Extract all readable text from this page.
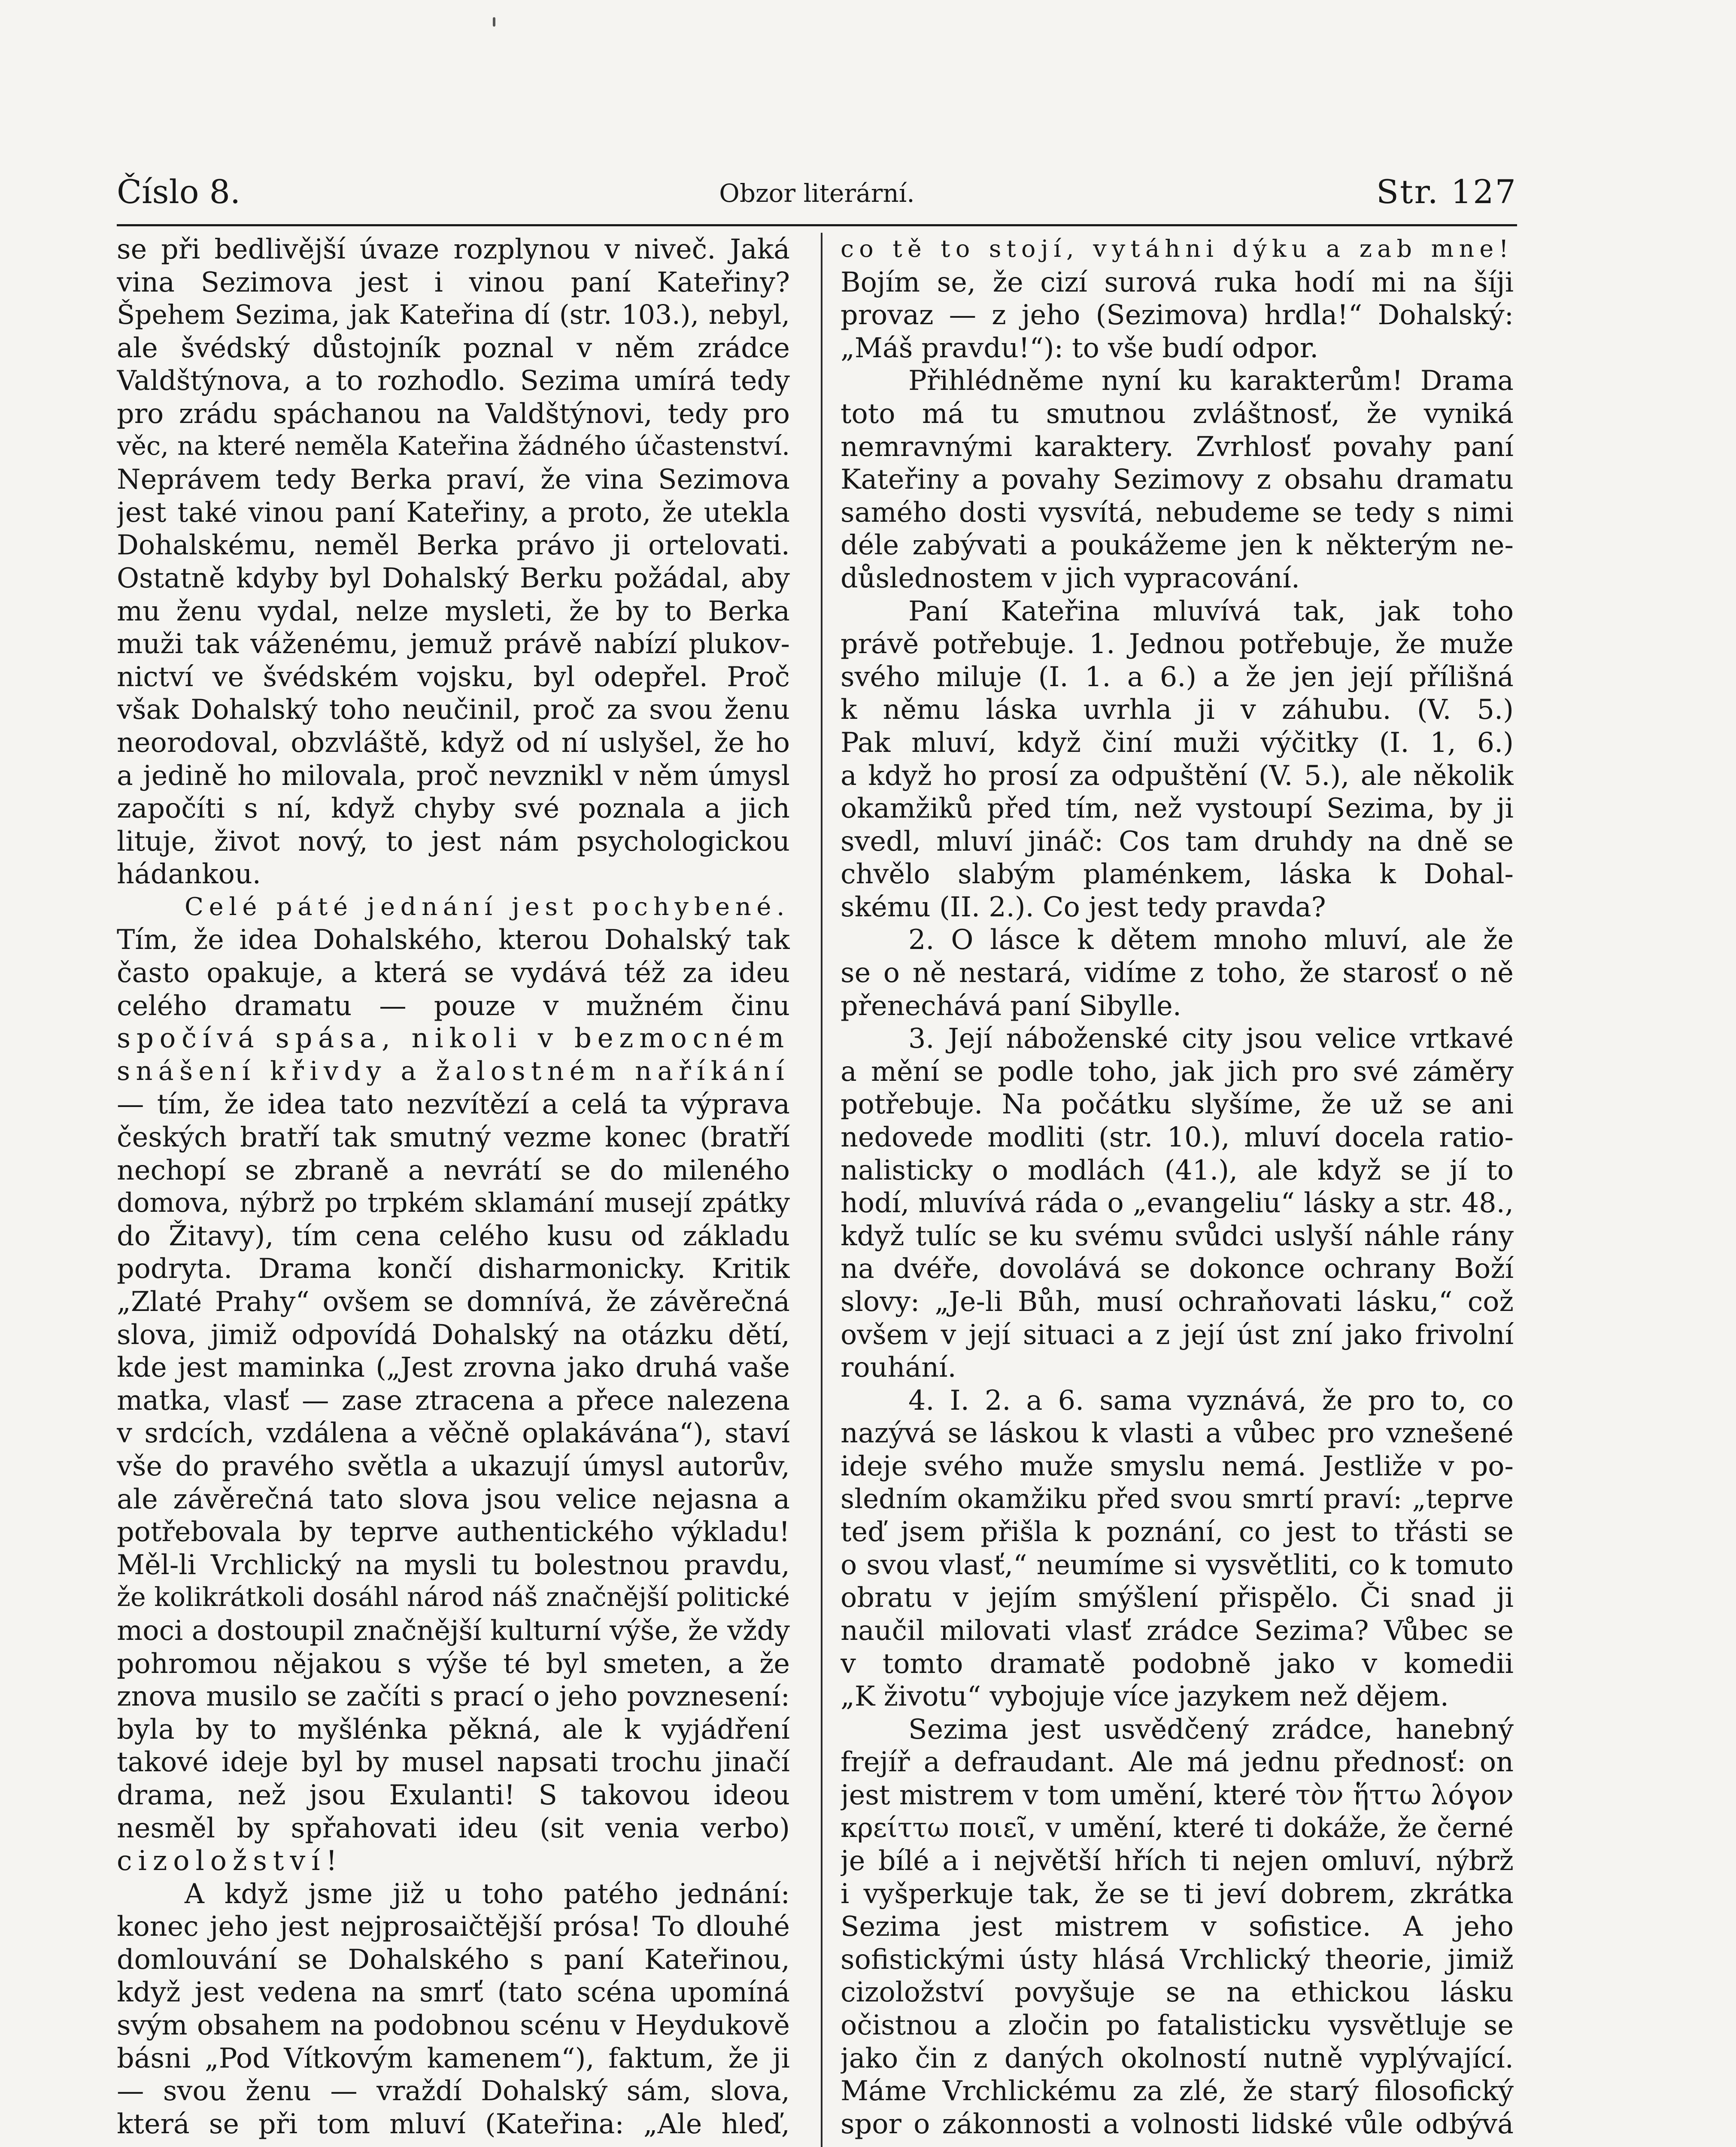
Číslo 8.	Obzor literární.	Str. 127
se při bedlivější úvaze rozplynou v niveč. Jaká
vina Sezimova jest i vinou paní Kateřiny?
Špehem Sezima, jak Kateřina dí (str. 103.), nebyl,
ale švédský důstojník poznal v něm zrádce
Valdštýnova, a to rozhodlo. Sezima umírá tedy
pro zrádu spáchanou na Valdštýnovi, tedy pro
věc, na které neměla Kateřina žádného účastenství.
Neprávem tedy Berka praví, že vina Sezimova
jest také vinou paní Kateřiny, a proto, že utekla
Dohalskému, neměl Berka právo ji ortelovati.
Ostatně kdyby byl Dohalský Berku požádal, aby
mu ženu vydal, nelze mysleti, že by to Berka
muži tak váženému, jemuž právě nabízí plukov-
nictví ve švédském vojsku, byl odepřel. Proč
však Dohalský toho neučinil, proč za svou ženu
neorodoval, obzvláště, když od ní uslyšel, že ho
a jedině ho milovala, proč nevznikl v něm úmysl
započíti s ní, když chyby své poznala a jich
lituje, život nový, to jest nám psychologickou
hádankou.
Celé páté jednání jest pochybené.
Tím, že idea Dohalského, kterou Dohalský tak
často opakuje, a která se vydává též za ideu
celého dramatu — pouze v mužném činu
spočívá spása, nikoli v bezmocném
snášení křivdy a žalostném naříkání
— tím, že idea tato nezvítězí a celá ta výprava
českých bratří tak smutný vezme konec (bratří
nechopí se zbraně a nevrátí se do mileného
domova, nýbrž po trpkém sklamání musejí zpátky
do Žitavy), tím cena celého kusu od základu
podryta. Drama končí disharmonicky. Kritik
„Zlaté Prahy“ ovšem se domnívá, že závěrečná
slova, jimiž odpovídá Dohalský na otázku dětí,
kde jest maminka („Jest zrovna jako druhá vaše
matka, vlasť — zase ztracena a přece nalezena
v srdcích, vzdálena a věčně oplakávána“), staví
vše do pravého světla a ukazují úmysl autorův,
ale závěrečná tato slova jsou velice nejasna a
potřebovala by teprve authentického výkladu!
Měl-li Vrchlický na mysli tu bolestnou pravdu,
že kolikrátkoli dosáhl národ náš značnější politické
moci a dostoupil značnější kulturní výše, že vždy
pohromou nějakou s výše té byl smeten, a že
znova musilo se začíti s prací o jeho povznesení:
byla by to myšlénka pěkná, ale k vyjádření
takové ideje byl by musel napsati trochu jinačí
drama, než jsou Exulanti! S takovou ideou
nesměl by spřahovati ideu (sit venia verbo)
cizoložství!
A když jsme již u toho patého jednání:
konec jeho jest nejprosaičtější prósa! To dlouhé
domlouvání se Dohalského s paní Kateřinou,
když jest vedena na smrť (tato scéna upomíná
svým obsahem na podobnou scénu v Heydukově
básni „Pod Vítkovým kamenem“), faktum, že ji
— svou ženu — vraždí Dohalský sám, slova,
která se při tom mluví (Kateřina: „Ale hleď,
co tě to stojí, vytáhni dýku a zab mne!
Bojím se, že cizí surová ruka hodí mi na šíji
provaz — z jeho (Sezimova) hrdla!“ Dohalský:
„Máš pravdu!“): to vše budí odpor.
Přihlédněme nyní ku karakterům! Drama
toto má tu smutnou zvláštnosť, že vyniká
nemravnými karaktery. Zvrhlosť povahy paní
Kateřiny a povahy Sezimovy z obsahu dramatu
samého dosti vysvítá, nebudeme se tedy s nimi
déle zabývati a poukážeme jen k některým ne-
důslednostem v jich vypracování.
Paní Kateřina mluvívá tak, jak toho
právě potřebuje. 1. Jednou potřebuje, že muže
svého miluje (I. 1. a 6.) a že jen její přílišná
k němu láska uvrhla ji v záhubu. (V. 5.)
Pak mluví, když činí muži výčitky (I. 1, 6.)
a když ho prosí za odpuštění (V. 5.), ale několik
okamžiků před tím, než vystoupí Sezima, by ji
svedl, mluví jináč: Cos tam druhdy na dně se
chvělo slabým plaménkem, láska k Dohal-
skému (II. 2.). Co jest tedy pravda?
2. O lásce k dětem mnoho mluví, ale že
se o ně nestará, vidíme z toho, že starosť o ně
přenechává paní Sibylle.
3. Její náboženské city jsou velice vrtkavé
a mění se podle toho, jak jich pro své záměry
potřebuje. Na počátku slyšíme, že už se ani
nedovede modliti (str. 10.), mluví docela ratio-
nalisticky o modlách (41.), ale když se jí to
hodí, mluvívá ráda o „evangeliu“ lásky a str. 48.,
když tulíc se ku svému svůdci uslyší náhle rány
na dvéře, dovolává se dokonce ochrany Boží
slovy: „Je-li Bůh, musí ochraňovati lásku,“ což
ovšem v její situaci a z její úst zní jako frivolní
rouhání.
4. I. 2. a 6. sama vyznává, že pro to, co
nazývá se láskou k vlasti a vůbec pro vznešené
ideje svého muže smyslu nemá. Jestliže v po-
sledním okamžiku před svou smrtí praví: „teprve
teď jsem přišla k poznání, co jest to třásti se
o svou vlasť,“ neumíme si vysvětliti, co k tomuto
obratu v jejím smýšlení přispělo. Či snad ji
naučil milovati vlasť zrádce Sezima? Vůbec se
v tomto dramatě podobně jako v komedii
„K životu“ vybojuje více jazykem než dějem.
Sezima jest usvědčený zrádce, hanebný
frejíř a defraudant. Ale má jednu přednosť: on
jest mistrem v tom umění, které τὸν ἥττω λόγον
κρείττω ποιεῖ, v umění, které ti dokáže, že černé
je bílé a i největší hřích ti nejen omluví, nýbrž
i vyšperkuje tak, že se ti jeví dobrem, zkrátka
Sezima jest mistrem v sofistice. A jeho
sofistickými ústy hlásá Vrchlický theorie, jimiž
cizoložství povyšuje se na ethickou lásku
očistnou a zločin po fatalisticku vysvětluje se
jako čin z daných okolností nutně vyplývající.
Máme Vrchlickému za zlé, že starý filosofický
spor o zákonnosti a volnosti lidské vůle odbývá
